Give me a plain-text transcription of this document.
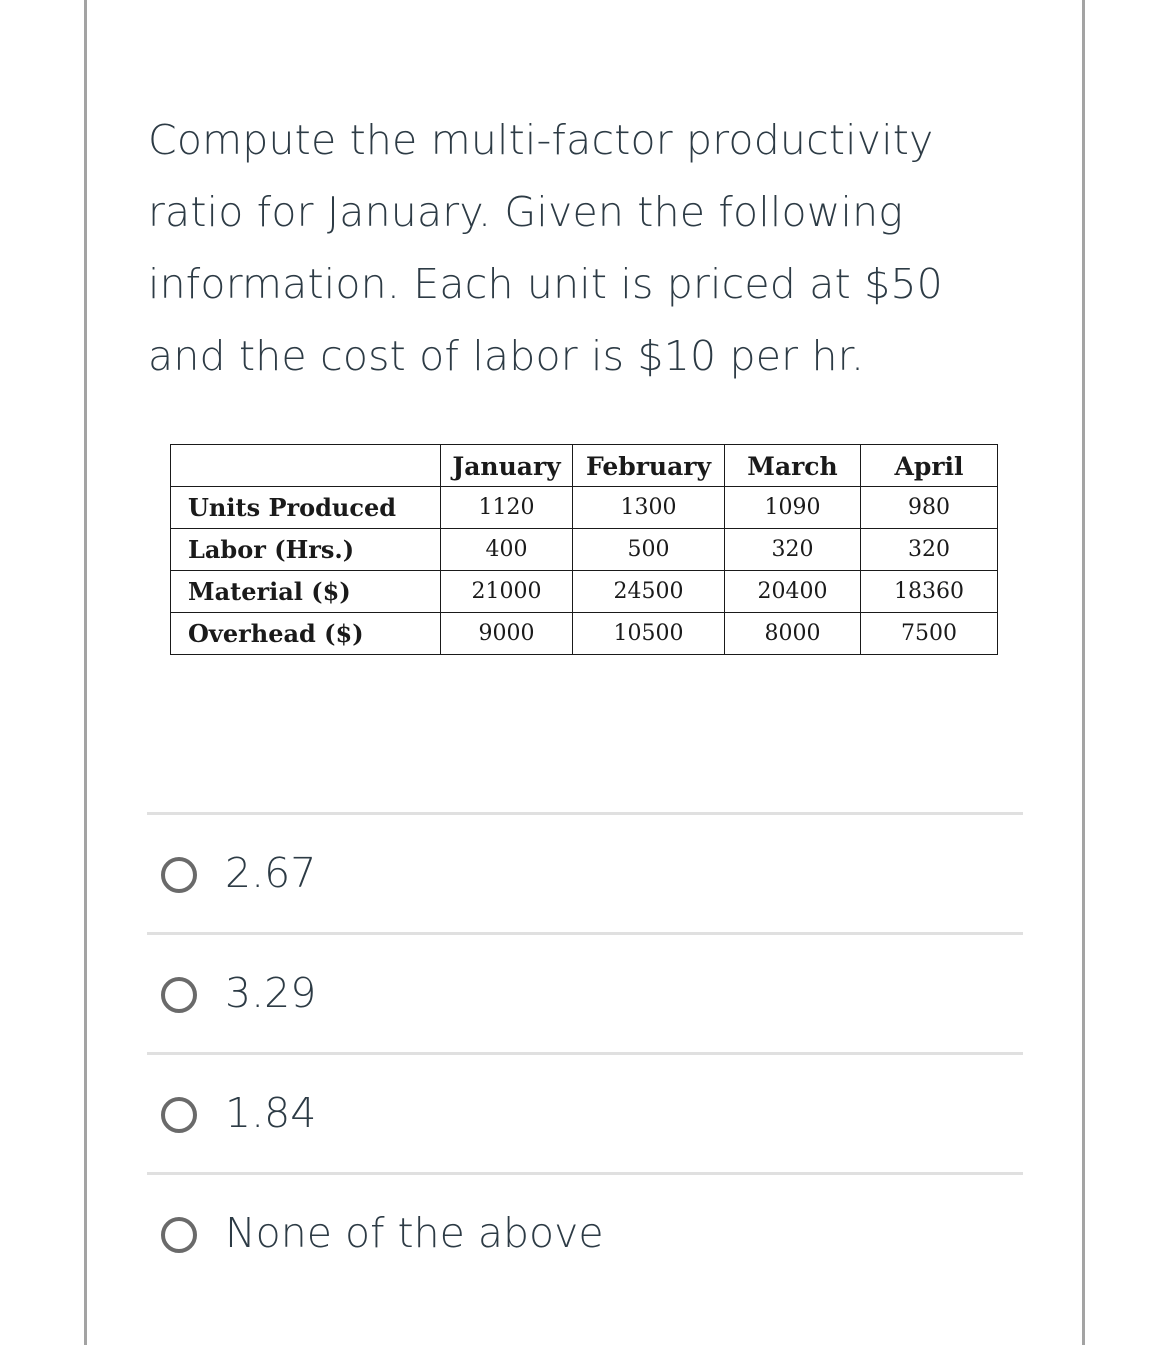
Compute the multi-factor productivity
ratio for January. Given the following
information. Each unit is priced at $50
and the cost of labor is $10 per hr.
	January	February	March	April
Units Produced	1120	1300	1090	980
Labor (Hrs.)	400	500	320	320
Material ($)	21000	24500	20400	18360
Overhead ($)	9000	10500	8000	7500
2.67
3.29
1.84
None of the above
